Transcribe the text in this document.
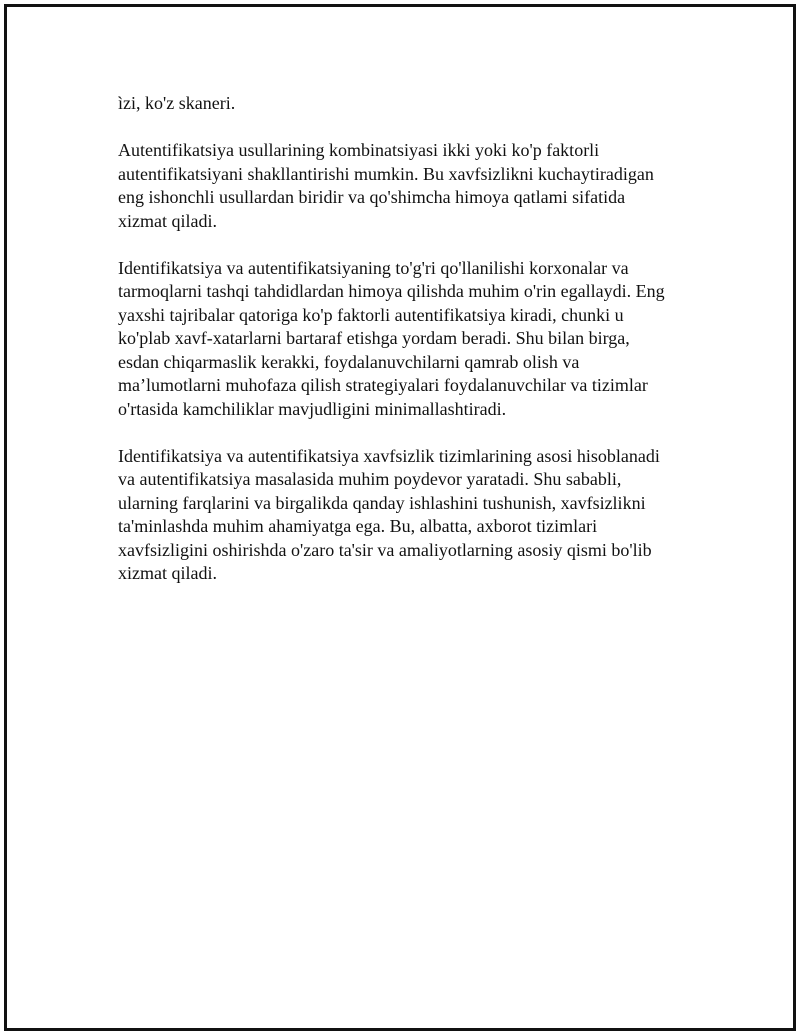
ìzi, ko'z skaneri.

Autentifikatsiya usullarining kombinatsiyasi ikki yoki ko'p faktorli
autentifikatsiyani shakllantirishi mumkin. Bu xavfsizlikni kuchaytiradigan
eng ishonchli usullardan biridir va qo'shimcha himoya qatlami sifatida
xizmat qiladi.

Identifikatsiya va autentifikatsiyaning to'g'ri qo'llanilishi korxonalar va
tarmoqlarni tashqi tahdidlardan himoya qilishda muhim o'rin egallaydi. Eng
yaxshi tajribalar qatoriga ko'p faktorli autentifikatsiya kiradi, chunki u
ko'plab xavf-xatarlarni bartaraf etishga yordam beradi. Shu bilan birga,
esdan chiqarmaslik kerakki, foydalanuvchilarni qamrab olish va
ma’lumotlarni muhofaza qilish strategiyalari foydalanuvchilar va tizimlar
o'rtasida kamchiliklar mavjudligini minimallashtiradi.

Identifikatsiya va autentifikatsiya xavfsizlik tizimlarining asosi hisoblanadi
va autentifikatsiya masalasida muhim poydevor yaratadi. Shu sababli,
ularning farqlarini va birgalikda qanday ishlashini tushunish, xavfsizlikni
ta'minlashda muhim ahamiyatga ega. Bu, albatta, axborot tizimlari
xavfsizligini oshirishda o'zaro ta'sir va amaliyotlarning asosiy qismi bo'lib
xizmat qiladi.
